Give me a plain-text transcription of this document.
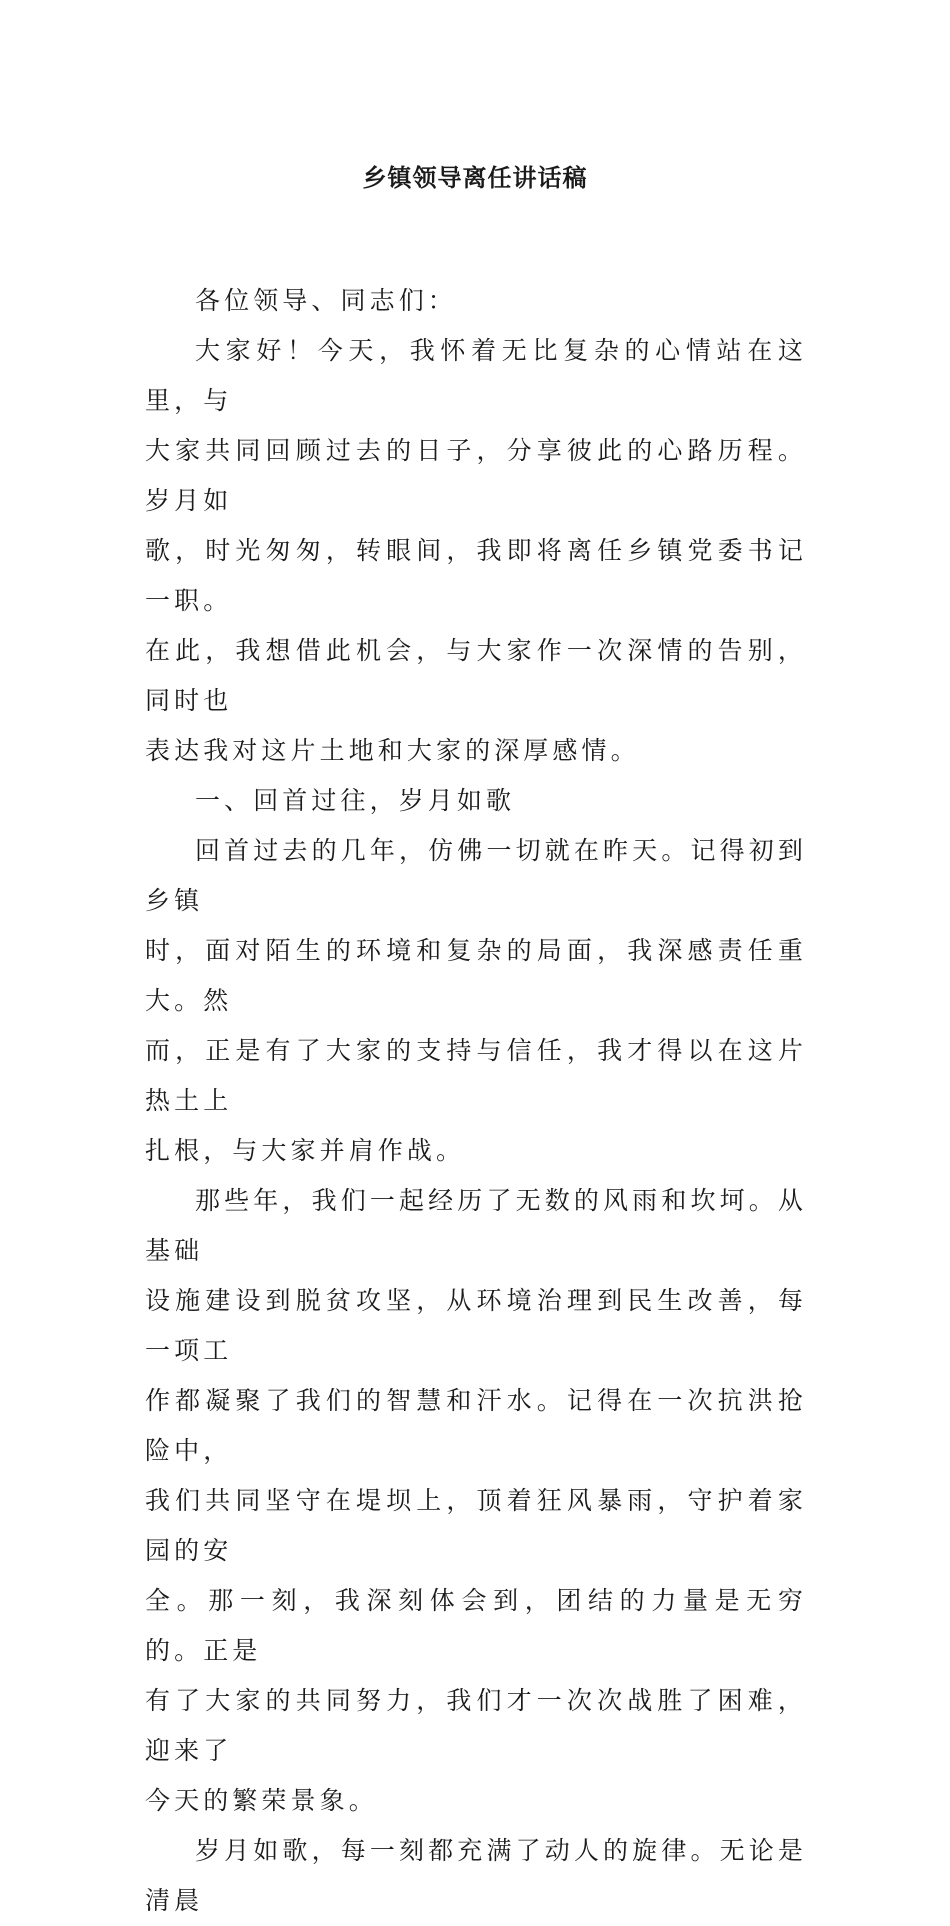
乡镇领导离任讲话稿

各位领导、同志们：

大家好！今天，我怀着无比复杂的心情站在这里，与
大家共同回顾过去的日子，分享彼此的心路历程。岁月如
歌，时光匆匆，转眼间，我即将离任乡镇党委书记一职。
在此，我想借此机会，与大家作一次深情的告别，同时也
表达我对这片土地和大家的深厚感情。

一、回首过往，岁月如歌

回首过去的几年，仿佛一切就在昨天。记得初到乡镇
时，面对陌生的环境和复杂的局面，我深感责任重大。然
而，正是有了大家的支持与信任，我才得以在这片热土上
扎根，与大家并肩作战。

那些年，我们一起经历了无数的风雨和坎坷。从基础
设施建设到脱贫攻坚，从环境治理到民生改善，每一项工
作都凝聚了我们的智慧和汗水。记得在一次抗洪抢险中，
我们共同坚守在堤坝上，顶着狂风暴雨，守护着家园的安
全。那一刻，我深刻体会到，团结的力量是无穷的。正是
有了大家的共同努力，我们才一次次战胜了困难，迎来了
今天的繁荣景象。

岁月如歌，每一刻都充满了动人的旋律。无论是清晨
